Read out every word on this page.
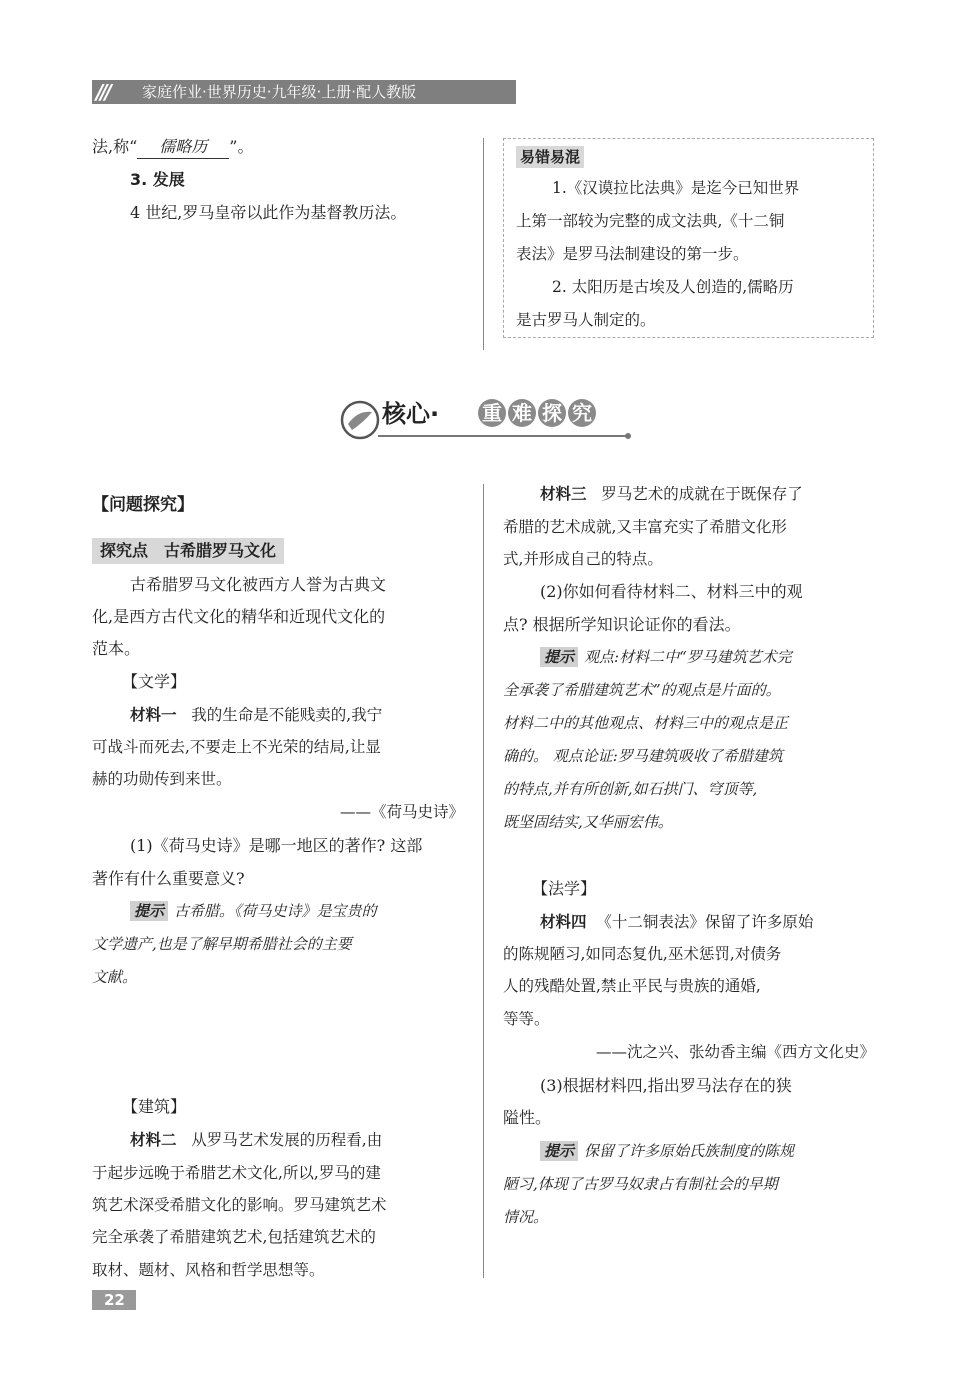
///	家庭作业·世界历史·九年级·上册·配人教版
法,称“ 儒略历 ”。
3. 发展
4 世纪,罗马皇帝以此作为基督教历法。
易错易混
1.《汉谟拉比法典》是迄今已知世界
上第一部较为完整的成文法典,《十二铜
表法》是罗马法制建设的第一步。
2. 太阳历是古埃及人创造的,儒略历
是古罗马人制定的。
核心· 重 难 探 究
【问题探究】
探究点　古希腊罗马文化
古希腊罗马文化被西方人誉为古典文
化,是西方古代文化的精华和近现代文化的
范本。
【文学】
材料一 我的生命是不能贱卖的,我宁
可战斗而死去,不要走上不光荣的结局,让显
赫的功勋传到来世。
——《荷马史诗》
(1)《荷马史诗》是哪一地区的著作? 这部
著作有什么重要意义?
提示 古希腊。《荷马史诗》是宝贵的
文学遗产,也是了解早期希腊社会的主要
文献。
【建筑】
材料二 从罗马艺术发展的历程看,由
于起步远晚于希腊艺术文化,所以,罗马的建
筑艺术深受希腊文化的影响。罗马建筑艺术
完全承袭了希腊建筑艺术,包括建筑艺术的
取材、题材、风格和哲学思想等。
材料三 罗马艺术的成就在于既保存了
希腊的艺术成就,又丰富充实了希腊文化形
式,并形成自己的特点。
(2)你如何看待材料二、材料三中的观
点? 根据所学知识论证你的看法。
提示 观点:材料二中“罗马建筑艺术完
全承袭了希腊建筑艺术”的观点是片面的。
材料二中的其他观点、材料三中的观点是正
确的。 观点论证:罗马建筑吸收了希腊建筑
的特点,并有所创新,如石拱门、穹顶等,
既坚固结实,又华丽宏伟。
【法学】
材料四 《十二铜表法》保留了许多原始
的陈规陋习,如同态复仇,巫术惩罚,对债务
人的残酷处置,禁止平民与贵族的通婚,
等等。
——沈之兴、张幼香主编《西方文化史》
(3)根据材料四,指出罗马法存在的狭
隘性。
提示 保留了许多原始氏族制度的陈规
陋习,体现了古罗马奴隶占有制社会的早期
情况。
22
